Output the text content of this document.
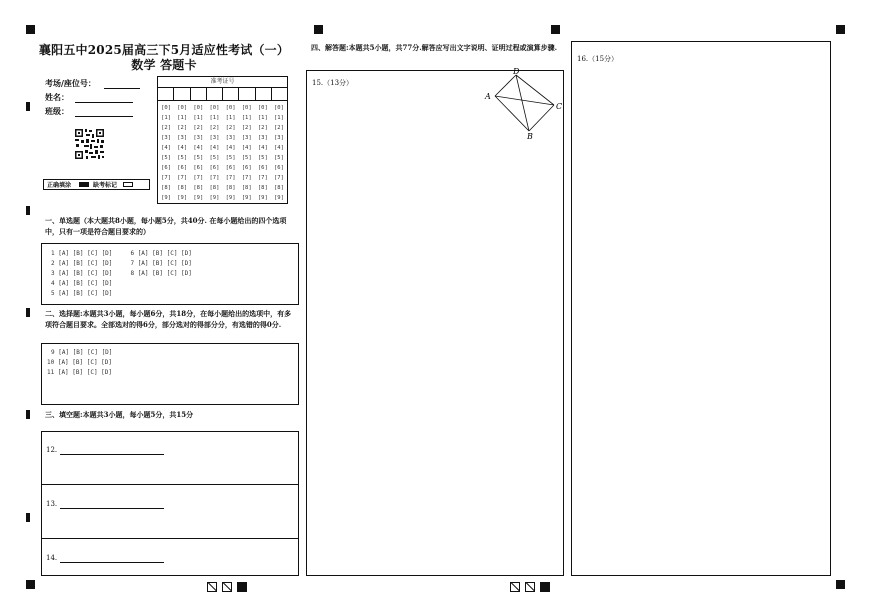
襄阳五中2025届高三下5月适应性考试（一）
数学 答题卡
考场/座位号：
姓名：
班级：
正确填涂	缺考标记
准考证号
[0]
[1]
[2]
[3]
[4]
[5]
[6]
[7]
[8]
[9]
[0]
[1]
[2]
[3]
[4]
[5]
[6]
[7]
[8]
[9]
[0]
[1]
[2]
[3]
[4]
[5]
[6]
[7]
[8]
[9]
[0]
[1]
[2]
[3]
[4]
[5]
[6]
[7]
[8]
[9]
[0]
[1]
[2]
[3]
[4]
[5]
[6]
[7]
[8]
[9]
[0]
[1]
[2]
[3]
[4]
[5]
[6]
[7]
[8]
[9]
[0]
[1]
[2]
[3]
[4]
[5]
[6]
[7]
[8]
[9]
[0]
[1]
[2]
[3]
[4]
[5]
[6]
[7]
[8]
[9]
一、单选题（本大题共8小题，每小题5分，共40分. 在每小题给出的四个选项中，只有一项是符合题目要求的）
1 [A] [B] [C] [D]     6 [A] [B] [C] [D]
2 [A] [B] [C] [D]     7 [A] [B] [C] [D]
3 [A] [B] [C] [D]     8 [A] [B] [C] [D]
4 [A] [B] [C] [D]
5 [A] [B] [C] [D]
二、选择题:本题共3小题，每小题6分，共18分，在每小题给出的选项中，有多项符合题目要求。全部选对的得6分，部分选对的得部分分，有选错的得0分.
9 [A] [B] [C] [D]
10 [A] [B] [C] [D]
11 [A] [B] [C] [D]
三、填空题:本题共3小题，每小题5分，共15分
12.
13.
14.
四、解答题:本题共5小题，共77分.解答应写出文字说明、证明过程或演算步骤.
15.（13分）
A
D
C
B
16.（15分）
